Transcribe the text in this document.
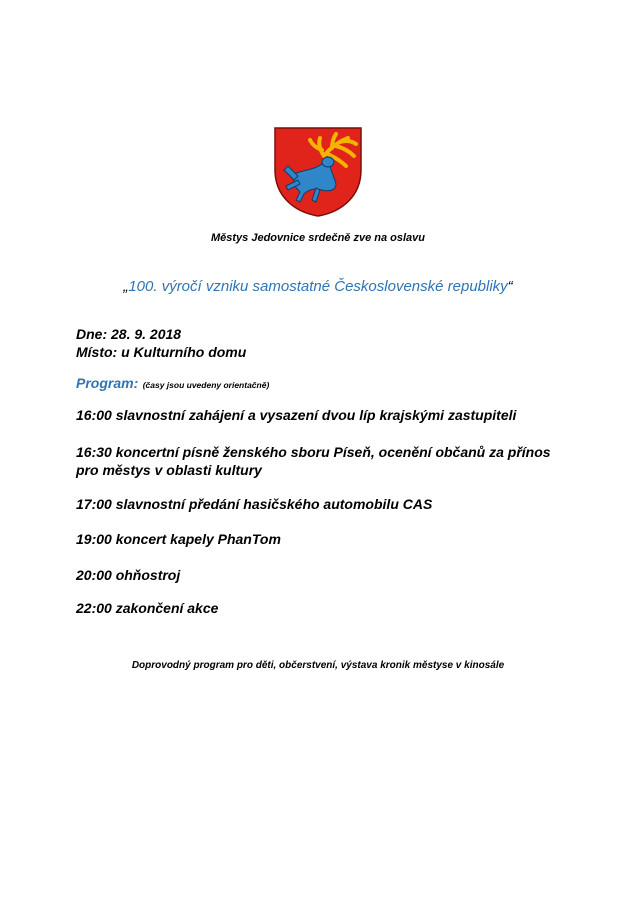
Městys Jedovnice srdečně zve na oslavu
„100. výročí vzniku samostatné Československé republiky“
Dne: 28. 9. 2018
Místo: u Kulturního domu
Program: (časy jsou uvedeny orientačně)
16:00 slavnostní zahájení a vysazení dvou líp krajskými zastupiteli
16:30 koncertní písně ženského sboru Píseň, ocenění občanů za přínos pro městys v oblasti kultury
17:00 slavnostní předání hasičského automobilu CAS
19:00 koncert kapely PhanTom
20:00 ohňostroj
22:00 zakončení akce
Doprovodný program pro děti, občerstvení, výstava kronik městyse v kinosále
